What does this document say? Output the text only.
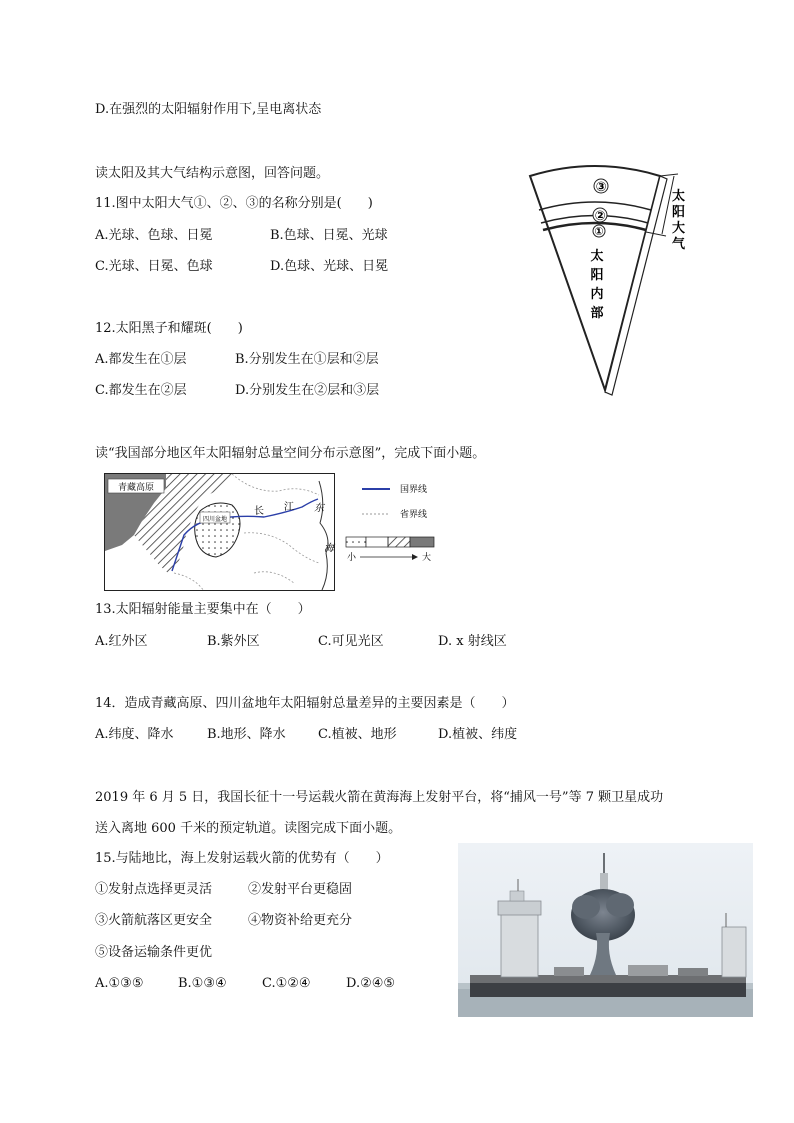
D.在强烈的太阳辐射作用下,呈电离状态
读太阳及其大气结构示意图，回答问题。
11.图中太阳大气①、②、③的名称分别是(　　)
A.光球、色球、日冕	B.色球、日冕、光球
C.光球、日冕、色球	D.色球、光球、日冕
12.太阳黑子和耀斑(　　)
A.都发生在①层	B.分别发生在①层和②层
C.都发生在②层	D.分别发生在②层和③层
③
②
①
太阳大气
太阳内部
读“我国部分地区年太阳辐射总量空间分布示意图”，完成下面小题。
青藏高原
四川盆地
长 江 东
海
国界线
省界线
小	大
13.太阳辐射能量主要集中在（　　）
A.红外区	B.紫外区	C.可见光区	D. x 射线区
14．造成青藏高原、四川盆地年太阳辐射总量差异的主要因素是（　　）
A.纬度、降水	B.地形、降水 C.植被、地形	D.植被、纬度
2019 年 6 月 5 日，我国长征十一号运载火箭在黄海海上发射平台，将“捕风一号”等 7 颗卫星成功
送入离地 600 千米的预定轨道。读图完成下面小题。
15.与陆地比，海上发射运载火箭的优势有（　　）
①发射点选择更灵活	②发射平台更稳固
③火箭航落区更安全	④物资补给更充分
⑤设备运输条件更优
A.①③⑤	B.①③④	C.①②④	D.②④⑤
